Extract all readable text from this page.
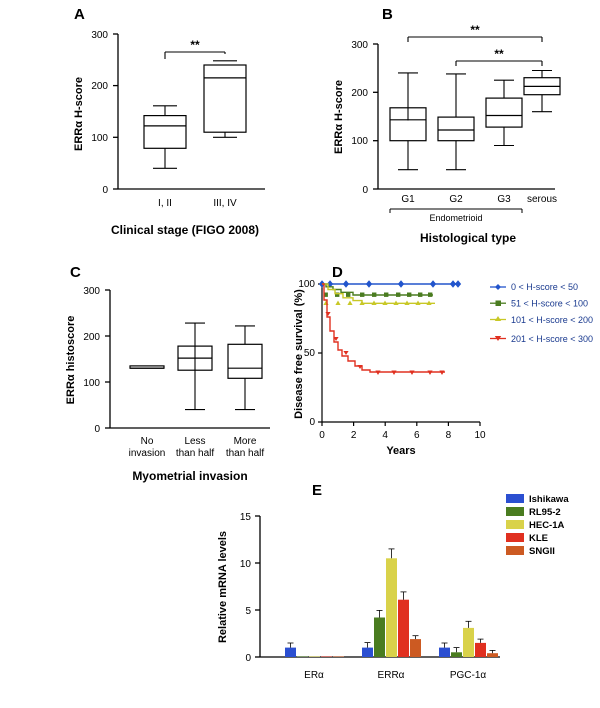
A
0
100
200
300
ERRα H-score
**
I, II	III, IV
Clinical stage (FIGO 2008)
B
0
100
200
300
ERRα H-score
**
**
G1	G2	G3 serous
Endometrioid
Histological type
C
0
100
200
300
ERRα histoscore
No
invasion
Less
than half
More
than half
Myometrial invasion
D
0
50
100
0	2	4	6	8 10
Disease free survival (%)
Years
0 < H-score < 50
51 < H-score < 100
101 < H-score < 200
201 < H-score < 300
E
0
5
10
15
Relative mRNA levels
ERα	ERRα	PGC-1α
Ishikawa
RL95-2
HEC-1A
KLE
SNGII
